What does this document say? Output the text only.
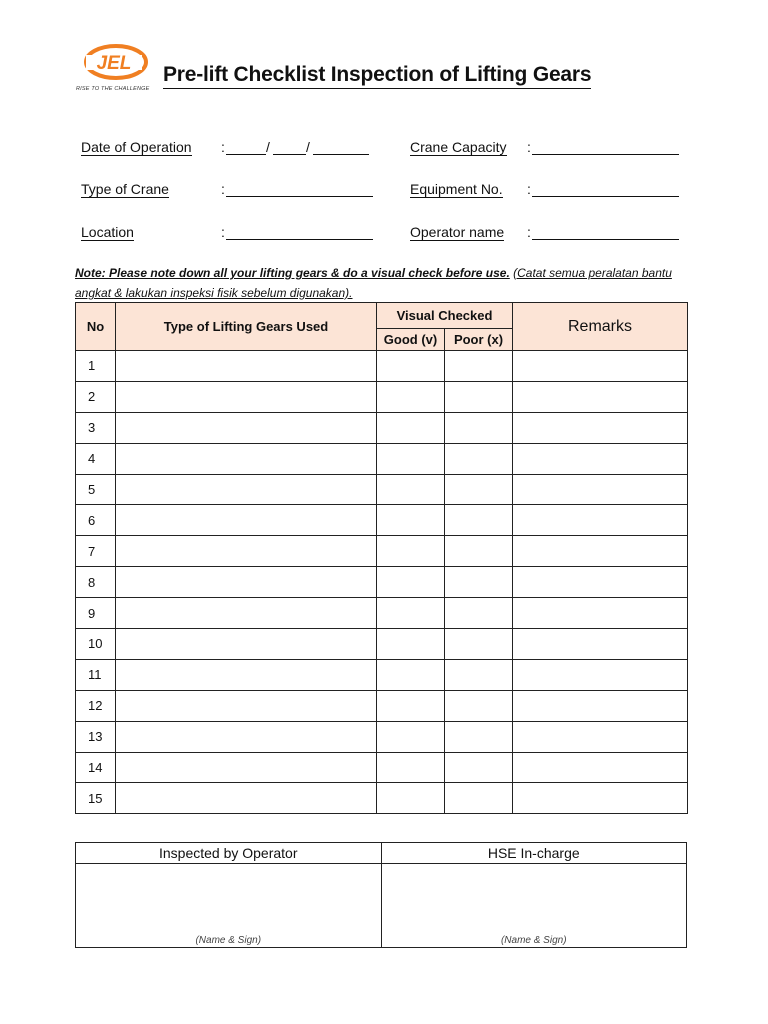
JEL
RISE TO THE CHALLENGE
Pre-lift Checklist Inspection of Lifting Gears
Date of Operation :	/	/
Type of Crane	:
Location	:
Crane Capacity :
Equipment No. :
Operator name :
Note: Please note down all your lifting gears & do a visual check before use. (Catat semua peralatan bantu angkat & lakukan inspeksi fisik sebelum digunakan).
No	Type of Lifting Gears Used	Visual Checked		Remarks
		Good (v)	Poor (x)	
1				
2				
3				
4				
5				
6				
7				
8				
9				
10				
11				
12				
13				
14				
15				
Inspected by Operator	HSE In-charge
(Name & Sign)	(Name & Sign)
